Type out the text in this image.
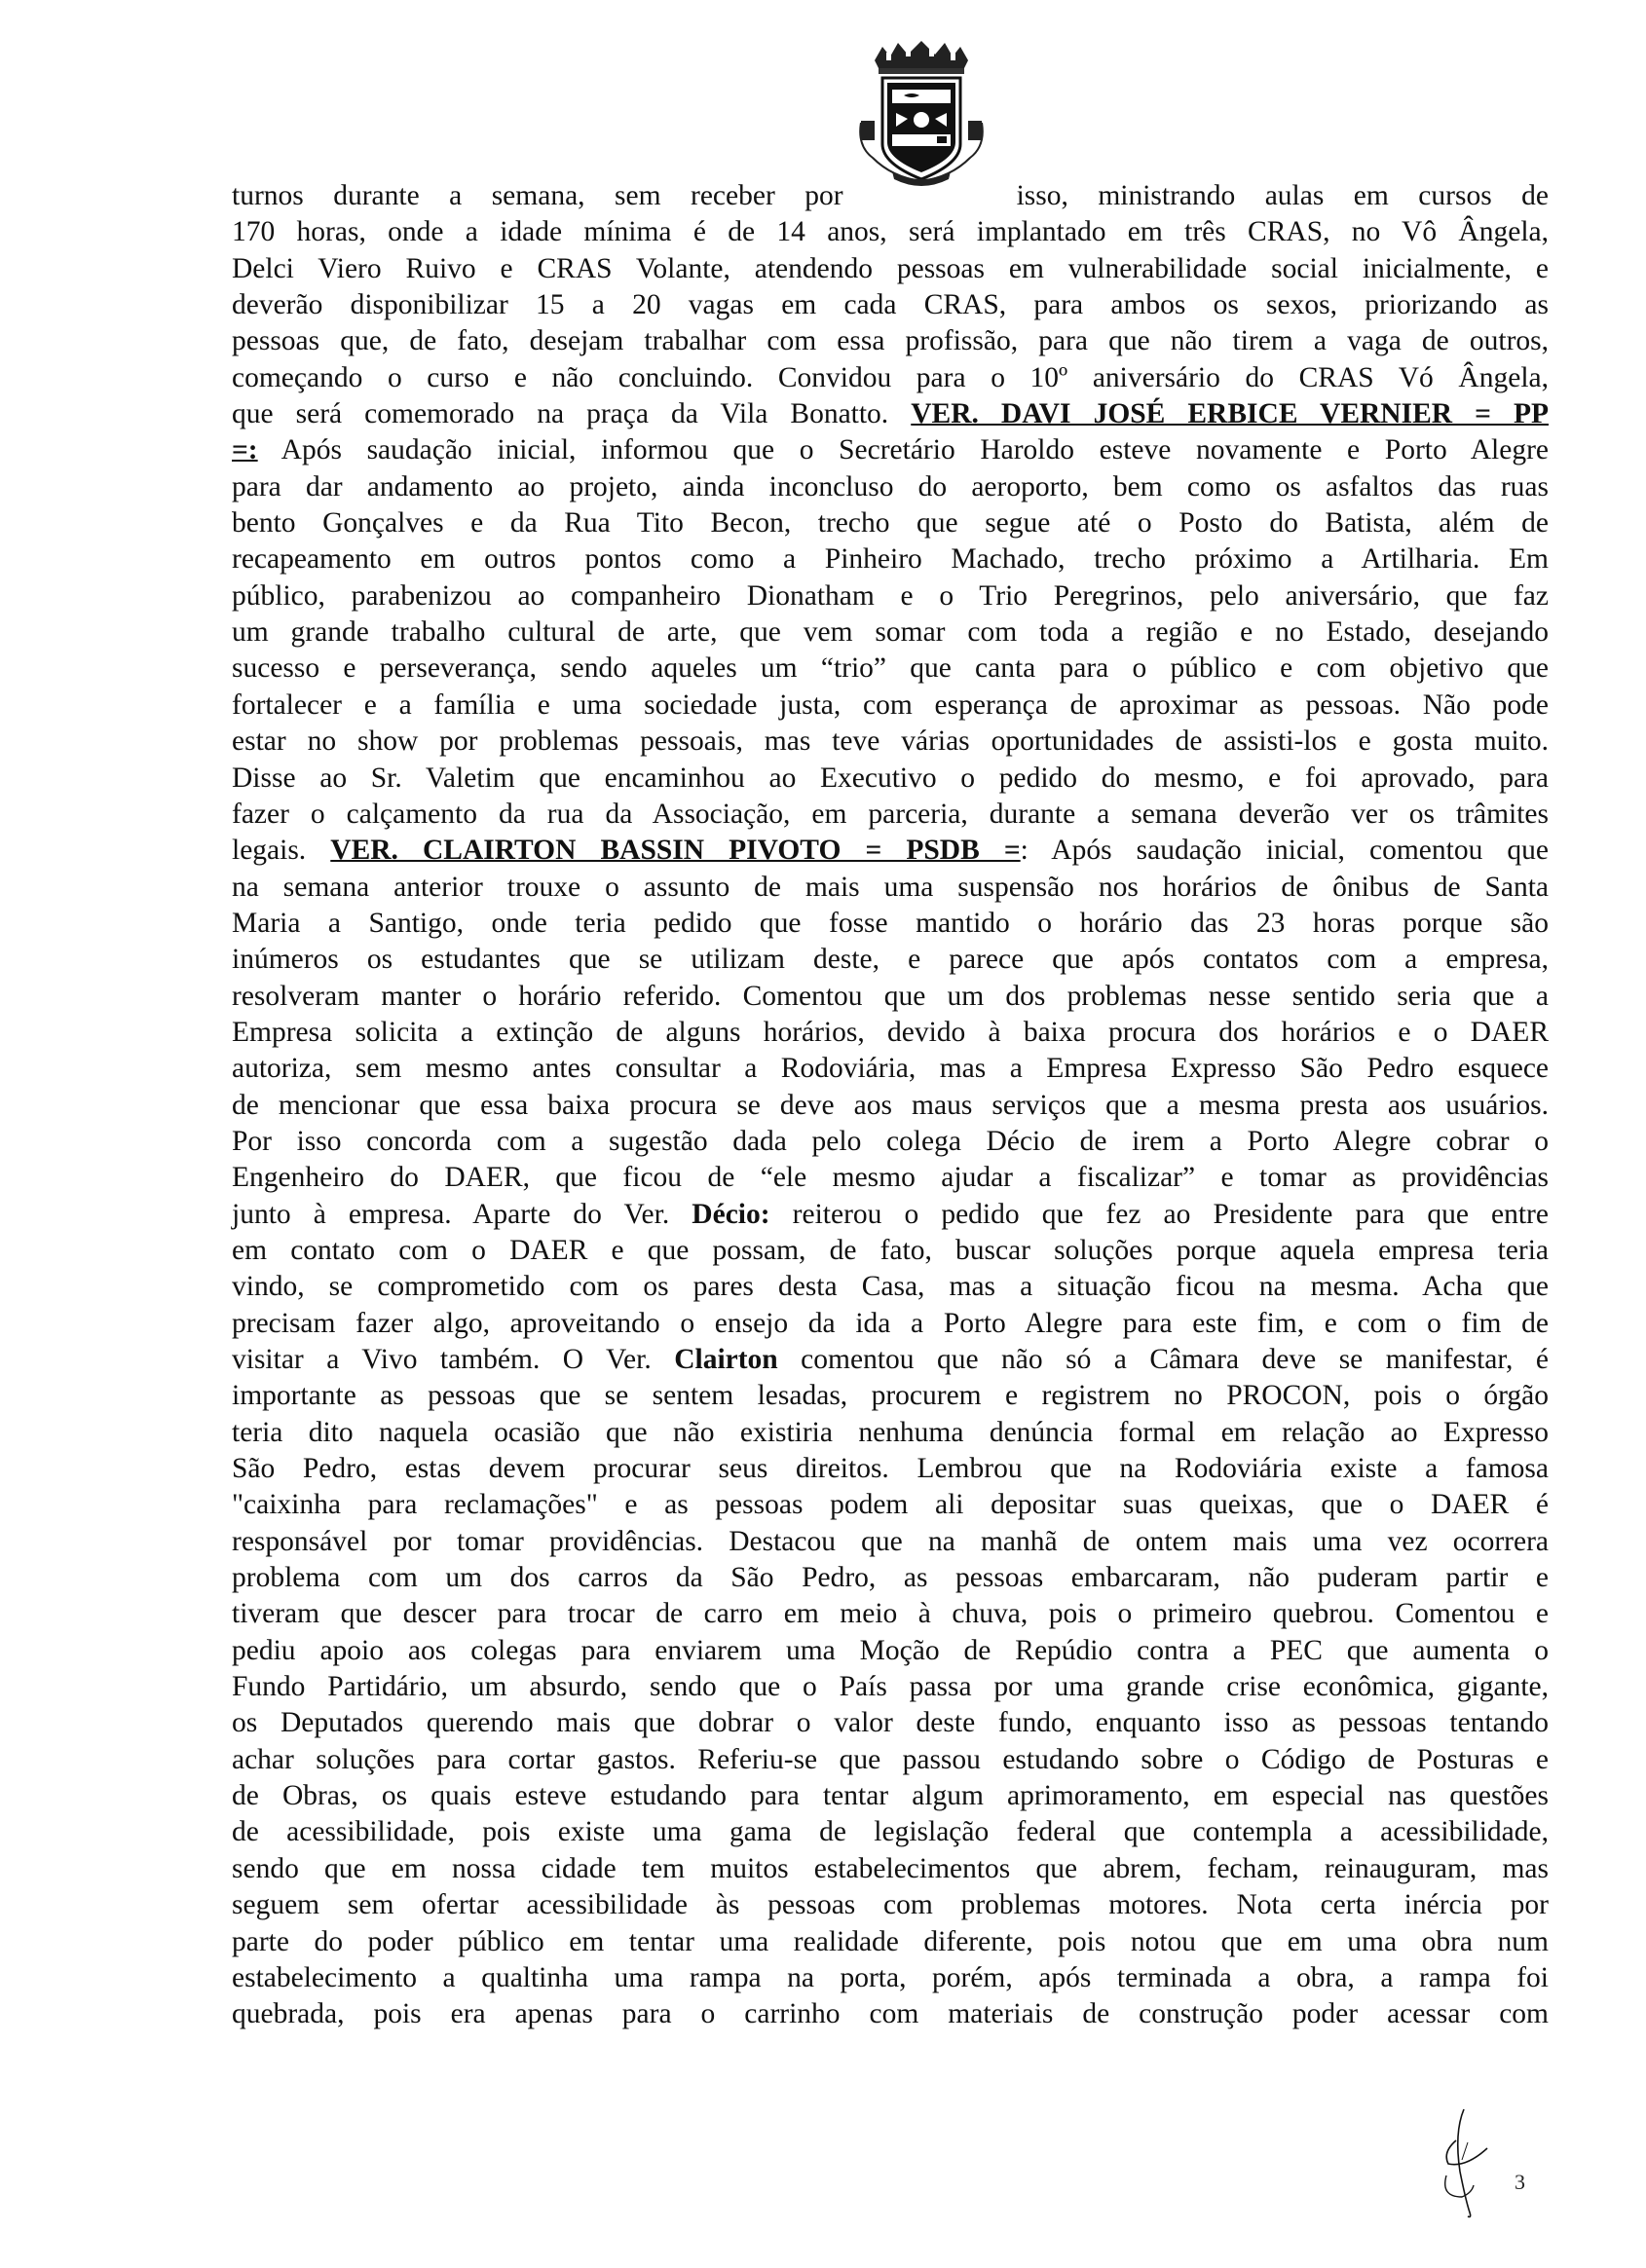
turnos durante a semana, sem receber por	isso, ministrando aulas em cursos de
170 horas, onde a idade mínima é de 14 anos, será implantado em três CRAS, no Vô Ângela,
Delci Viero Ruivo e CRAS Volante, atendendo pessoas em vulnerabilidade social inicialmente, e
deverão disponibilizar 15 a 20 vagas em cada CRAS, para ambos os sexos, priorizando as
pessoas que, de fato, desejam trabalhar com essa profissão, para que não tirem a vaga de outros,
começando o curso e não concluindo. Convidou para o 10º aniversário do CRAS Vó Ângela,
que será comemorado na praça da Vila Bonatto. VER. DAVI JOSÉ ERBICE VERNIER = PP
=: Após saudação inicial, informou que o Secretário Haroldo esteve novamente e Porto Alegre
para dar andamento ao projeto, ainda inconcluso do aeroporto, bem como os asfaltos das ruas
bento Gonçalves e da Rua Tito Becon, trecho que segue até o Posto do Batista, além de
recapeamento em outros pontos como a Pinheiro Machado, trecho próximo a Artilharia. Em
público, parabenizou ao companheiro Dionatham e o Trio Peregrinos, pelo aniversário, que faz
um grande trabalho cultural de arte, que vem somar com toda a região e no Estado, desejando
sucesso e perseverança, sendo aqueles um “trio” que canta para o público e com objetivo que
fortalecer e a família e uma sociedade justa, com esperança de aproximar as pessoas. Não pode
estar no show por problemas pessoais, mas teve várias oportunidades de assisti-los e gosta muito.
Disse ao Sr. Valetim que encaminhou ao Executivo o pedido do mesmo, e foi aprovado, para
fazer o calçamento da rua da Associação, em parceria, durante a semana deverão ver os trâmites
legais. VER. CLAIRTON BASSIN PIVOTO = PSDB =: Após saudação inicial, comentou que
na semana anterior trouxe o assunto de mais uma suspensão nos horários de ônibus de Santa
Maria a Santigo, onde teria pedido que fosse mantido o horário das 23 horas porque são
inúmeros os estudantes que se utilizam deste, e parece que após contatos com a empresa,
resolveram manter o horário referido. Comentou que um dos problemas nesse sentido seria que a
Empresa solicita a extinção de alguns horários, devido à baixa procura dos horários e o DAER
autoriza, sem mesmo antes consultar a Rodoviária, mas a Empresa Expresso São Pedro esquece
de mencionar que essa baixa procura se deve aos maus serviços que a mesma presta aos usuários.
Por isso concorda com a sugestão dada pelo colega Décio de irem a Porto Alegre cobrar o
Engenheiro do DAER, que ficou de “ele mesmo ajudar a fiscalizar” e tomar as providências
junto à empresa. Aparte do Ver. Décio: reiterou o pedido que fez ao Presidente para que entre
em contato com o DAER e que possam, de fato, buscar soluções porque aquela empresa teria
vindo, se comprometido com os pares desta Casa, mas a situação ficou na mesma. Acha que
precisam fazer algo, aproveitando o ensejo da ida a Porto Alegre para este fim, e com o fim de
visitar a Vivo também. O Ver. Clairton comentou que não só a Câmara deve se manifestar, é
importante as pessoas que se sentem lesadas, procurem e registrem no PROCON, pois o órgão
teria dito naquela ocasião que não existiria nenhuma denúncia formal em relação ao Expresso
São Pedro, estas devem procurar seus direitos. Lembrou que na Rodoviária existe a famosa
"caixinha para reclamações" e as pessoas podem ali depositar suas queixas, que o DAER é
responsável por tomar providências. Destacou que na manhã de ontem mais uma vez ocorrera
problema com um dos carros da São Pedro, as pessoas embarcaram, não puderam partir e
tiveram que descer para trocar de carro em meio à chuva, pois o primeiro quebrou. Comentou e
pediu apoio aos colegas para enviarem uma Moção de Repúdio contra a PEC que aumenta o
Fundo Partidário, um absurdo, sendo que o País passa por uma grande crise econômica, gigante,
os Deputados querendo mais que dobrar o valor deste fundo, enquanto isso as pessoas tentando
achar soluções para cortar gastos. Referiu-se que passou estudando sobre o Código de Posturas e
de Obras, os quais esteve estudando para tentar algum aprimoramento, em especial nas questões
de acessibilidade, pois existe uma gama de legislação federal que contempla a acessibilidade,
sendo que em nossa cidade tem muitos estabelecimentos que abrem, fecham, reinauguram, mas
seguem sem ofertar acessibilidade às pessoas com problemas motores. Nota certa inércia por
parte do poder público em tentar uma realidade diferente, pois notou que em uma obra num
estabelecimento a qualtinha uma rampa na porta, porém, após terminada a obra, a rampa foi
quebrada, pois era apenas para o carrinho com materiais de construção poder acessar com
3
